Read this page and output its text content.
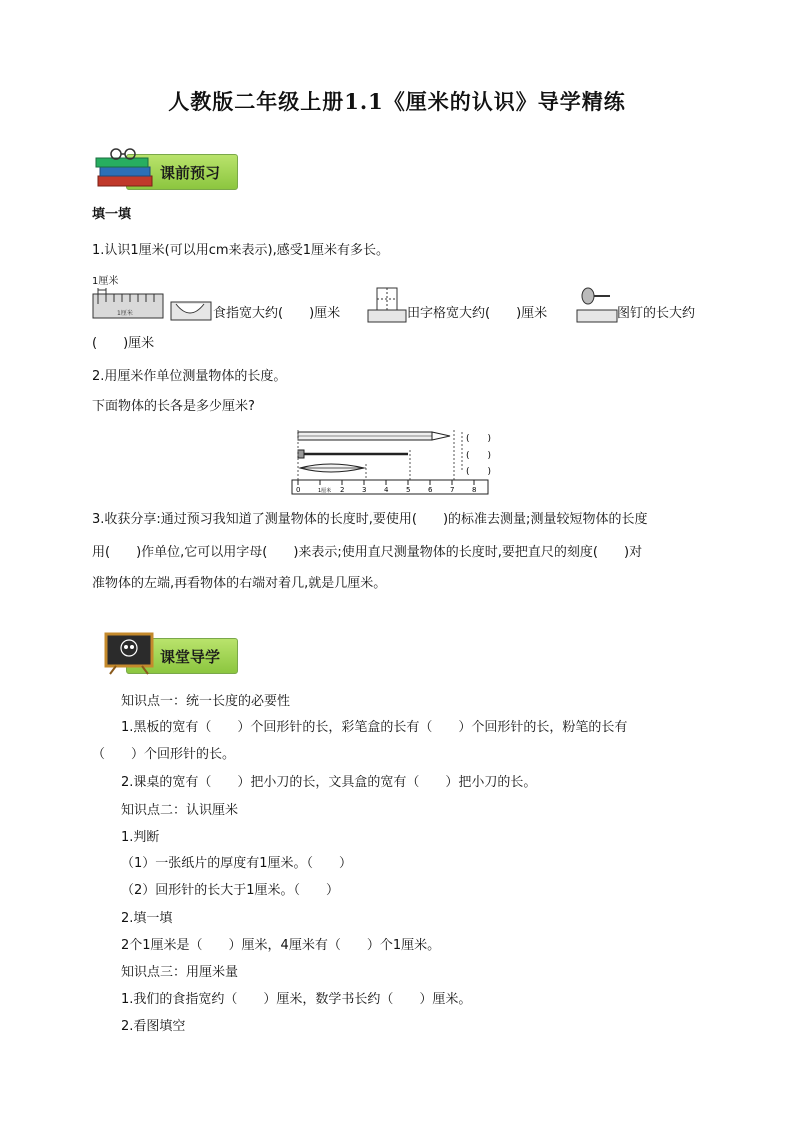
人教版二年级上册1.1《厘米的认识》导学精练
课前预习
填一填
1.认识1厘米(可以用cm来表示),感受1厘米有多长。
1厘米
1厘米	食指宽大约(　　)厘米	田字格宽大约(　　)厘米	图钉的长大约
(　　)厘米
2.用厘米作单位测量物体的长度。
下面物体的长各是多少厘米?
0	1厘米 2	3	4	5	6	7	8
(　　)
(　　)
(　　)
3.收获分享:通过预习我知道了测量物体的长度时,要使用(　　)的标准去测量;测量较短物体的长度
用(　　)作单位,它可以用字母(　　)来表示;使用直尺测量物体的长度时,要把直尺的刻度(　　)对
准物体的左端,再看物体的右端对着几,就是几厘米。
课堂导学
知识点一：统一长度的必要性
1.黑板的宽有（　　）个回形针的长，彩笔盒的长有（　　）个回形针的长，粉笔的长有
（　　）个回形针的长。
2.课桌的宽有（　　）把小刀的长，文具盒的宽有（　　）把小刀的长。
知识点二：认识厘米
1.判断
（1）一张纸片的厚度有1厘米。（　　）
（2）回形针的长大于1厘米。（　　）
2.填一填
2个1厘米是（　　）厘米，4厘米有（　　）个1厘米。
知识点三：用厘米量
1.我们的食指宽约（　　）厘米，数学书长约（　　）厘米。
2.看图填空
